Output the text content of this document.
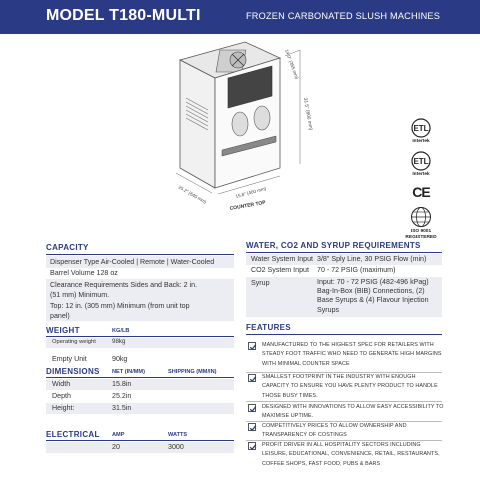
MODEL T180-MULTI	FROZEN CARBONATED SLUSH MACHINES
31.5" (800 mm)
14.0" (355 mm)
25.2" (640 mm)	15.8" (400 mm)
COUNTER TOP
ETL
Intertek
ETL
Intertek
CE
ISO 9001
REGISTERED
CAPACITY
Dispenser Type Air-Cooled | Remote | Water-Cooled
Barrel Volume 128 oz
Clearance Requirements Sides and Back: 2 in.
(51 mm) Minimum.
Top: 12 in. (305 mm) Minimum (from unit top
panel)
WEIGHT	KG/LB
Operating weight	98kg
Empty Unit	90kg
DIMENSIONS NET (IN/MM)	SHIPPING (MM/IN)
Width	15.8in
Depth	25.2in
Height:	31.5in
ELECTRICAL AMP	WATTS
20	3000
WATER, CO2 AND SYRUP REQUIREMENTS
Water System Input 3/8" Sply Line, 30 PSIG Flow (min)
CO2 System Input 70 - 72 PSIG (maximum)
Syrup	Input: 70 - 72 PSIG (482-496 kPag)
Bag-In-Box (BIB) Connections, (2)
Base Syrups & (4) Flavour Injection
Syrups
FEATURES
MANUFACTURED TO THE HIGHEST SPEC FOR RETAILERS WITH STEADY FOOT TRAFFIC WHO NEED TO GENERATE HIGH MARGINS WITH MINIMAL COUNTER SPACE
SMALLEST FOOTPRINT IN THE INDUSTRY WITH ENOUGH CAPACITY TO ENSURE YOU HAVE PLENTY PRODUCT TO HANDLE THOSE BUSY TIMES.
DESIGNED WITH INNOVATIONS TO ALLOW EASY ACCESSIBILITY TO MAXIMISE UPTIME.
COMPETITIVELY PRICES TO ALLOW OWNERSHIP AND TRANSPARENCY OF COSTINGS
PROFIT DRIVER IN ALL HOSPITALITY SECTORS INCLUDING LEISURE, EDUCATIONAL, CONVENIENCE, RETAIL, RESTAURANTS, COFFEE SHOPS, FAST FOOD, PUBS & BARS
